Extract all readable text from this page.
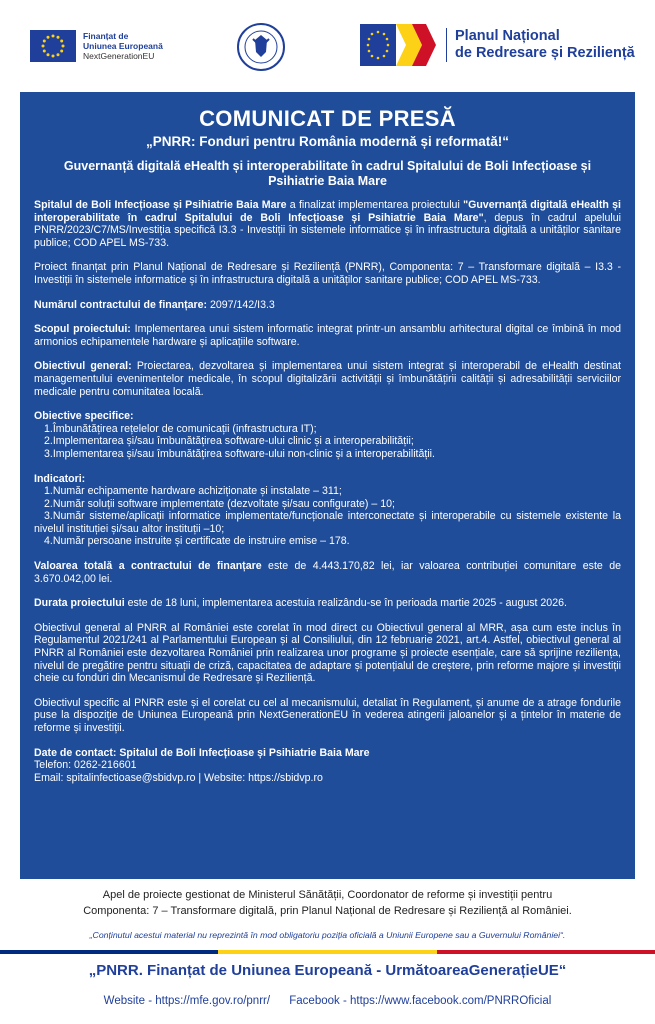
Finanțat de
Uniunea Europeană
NextGenerationEU
Planul Național
de Redresare și Reziliență
COMUNICAT DE PRESĂ
„PNRR: Fonduri pentru România modernă și reformată!“
Guvernanță digitală eHealth și interoperabilitate în cadrul Spitalului de Boli Infecțioase și Psihiatrie Baia Mare

Spitalul de Boli Infecțioase și Psihiatrie Baia Mare a finalizat implementarea proiectului "Guvernanță digitală eHealth și interoperabilitate în cadrul Spitalului de Boli Infecțioase și Psihiatrie Baia Mare", depus în cadrul apelului PNRR/2023/C7/MS/Investiția specifică I3.3 - Investiții în sistemele informatice și în infrastructura digitală a unităților sanitare publice; COD APEL MS-733.

Proiect finanțat prin Planul Național de Redresare și Reziliență (PNRR), Componenta: 7 – Transformare digitală – I3.3 - Investiții în sistemele informatice și în infrastructura digitală a unităților sanitare publice; COD APEL MS-733.

Numărul contractului de finanțare: 2097/142/I3.3

Scopul proiectului: Implementarea unui sistem informatic integrat printr-un ansamblu arhitectural digital ce îmbină în mod armonios echipamentele hardware și aplicațiile software.

Obiectivul general: Proiectarea, dezvoltarea și implementarea unui sistem integrat și interoperabil de eHealth destinat managementului evenimentelor medicale, în scopul digitalizării activității și îmbunătățirii calității și adresabilității serviciilor medicale pentru comunitatea locală.

Obiective specifice:

1.Îmbunătățirea rețelelor de comunicații (infrastructura IT);
2.Implementarea și/sau îmbunătățirea software-ului clinic și a interoperabilității;
3.Implementarea și/sau îmbunătățirea software-ului non-clinic și a interoperabilității.

Indicatori:
1.Număr echipamente hardware achiziționate și instalate – 311;
2.Număr soluții software implementate (dezvoltate și/sau configurate) – 10;
3.Număr sisteme/aplicații informatice implementate/funcționale interconectate și interoperabile cu sistemele existente la nivelul instituției și/sau altor instituții –10;
4.Număr persoane instruite și certificate de instruire emise – 178.

Valoarea totală a contractului de finanțare este de 4.443.170,82 lei, iar valoarea contribuției comunitare este de 3.670.042,00 lei.

Durata proiectului este de 18 luni, implementarea acestuia realizându-se în perioada martie 2025 - august 2026.

Obiectivul general al PNRR al României este corelat în mod direct cu Obiectivul general al MRR, așa cum este inclus în Regulamentul 2021/241 al Parlamentului European și al Consiliului, din 12 februarie 2021, art.4. Astfel, obiectivul general al PNRR al României este dezvoltarea României prin realizarea unor programe și proiecte esențiale, care să sprijine reziliența, nivelul de pregătire pentru situații de criză, capacitatea de adaptare și potențialul de creștere, prin reforme majore și investiții cheie cu fonduri din Mecanismul de Redresare și Reziliență.

Obiectivul specific al PNRR este și el corelat cu cel al mecanismului, detaliat în Regulament, și anume de a atrage fondurile puse la dispoziție de Uniunea Europeană prin NextGenerationEU în vederea atingerii jaloanelor și a țintelor în materie de reforme și investiții.

Date de contact: Spitalul de Boli Infecțioase și Psihiatrie Baia Mare
Telefon: 0262-216601
Email: spitalinfectioase@sbidvp.ro | Website: https://sbidvp.ro
Apel de proiecte gestionat de Ministerul Sănătății, Coordonator de reforme și investiții pentru
Componenta: 7 – Transformare digitală, prin Planul Național de Redresare și Reziliență al României.
„Conținutul acestui material nu reprezintă în mod obligatoriu poziția oficială a Uniunii Europene sau a Guvernului României“.
„PNRR. Finanțat de Uniunea Europeană - UrmătoareaGenerațieUE“
Website - https://mfe.gov.ro/pnrr/ Facebook - https://www.facebook.com/PNRROficial
